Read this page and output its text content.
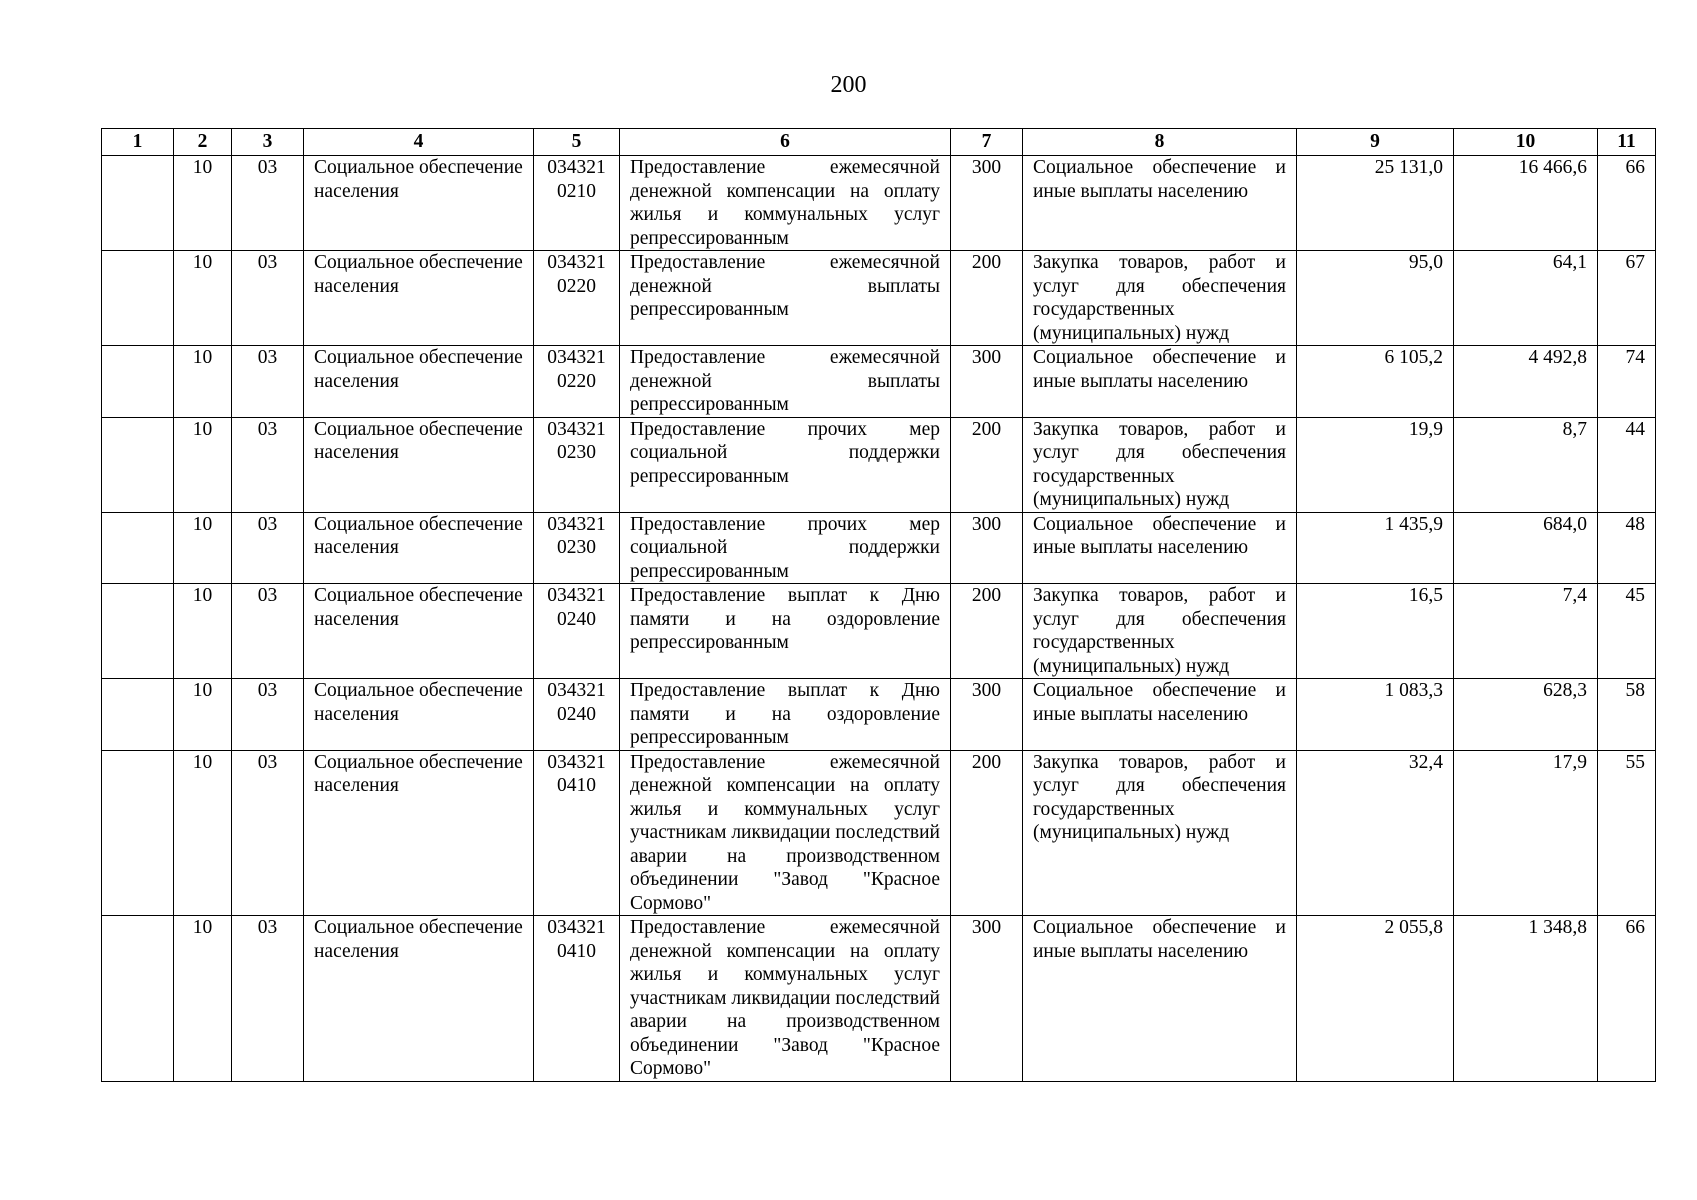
200
1	2	3	4	5	6	7	8	9	10	11
	10	03	Социальное обеспечение населения	034321 0210	Предоставление ежемесячной денежной компенсации на оплату жилья и коммунальных услуг репрессированным	300	Социальное обеспечение и иные выплаты населению	25 131,0	16 466,6	66
	10	03	Социальное обеспечение населения	034321 0220	Предоставление ежемесячной денежной выплаты репрессированным	200	Закупка товаров, работ и услуг для обеспечения государственных (муниципальных) нужд	95,0	64,1	67
	10	03	Социальное обеспечение населения	034321 0220	Предоставление ежемесячной денежной выплаты репрессированным	300	Социальное обеспечение и иные выплаты населению	6 105,2	4 492,8	74
	10	03	Социальное обеспечение населения	034321 0230	Предоставление прочих мер социальной поддержки репрессированным	200	Закупка товаров, работ и услуг для обеспечения государственных (муниципальных) нужд	19,9	8,7	44
	10	03	Социальное обеспечение населения	034321 0230	Предоставление прочих мер социальной поддержки репрессированным	300	Социальное обеспечение и иные выплаты населению	1 435,9	684,0	48
	10	03	Социальное обеспечение населения	034321 0240	Предоставление выплат к Дню памяти и на оздоровление репрессированным	200	Закупка товаров, работ и услуг для обеспечения государственных (муниципальных) нужд	16,5	7,4	45
	10	03	Социальное обеспечение населения	034321 0240	Предоставление выплат к Дню памяти и на оздоровление репрессированным	300	Социальное обеспечение и иные выплаты населению	1 083,3	628,3	58
	10	03	Социальное обеспечение населения	034321 0410	Предоставление ежемесячной денежной компенсации на оплату жилья и коммунальных услуг участникам ликвидации последствий аварии на производственном объединении "Завод "Красное Сормово"	200	Закупка товаров, работ и услуг для обеспечения государственных (муниципальных) нужд	32,4	17,9	55
	10	03	Социальное обеспечение населения	034321 0410	Предоставление ежемесячной денежной компенсации на оплату жилья и коммунальных услуг участникам ликвидации последствий аварии на производственном объединении "Завод "Красное Сормово"	300	Социальное обеспечение и иные выплаты населению	2 055,8	1 348,8	66
